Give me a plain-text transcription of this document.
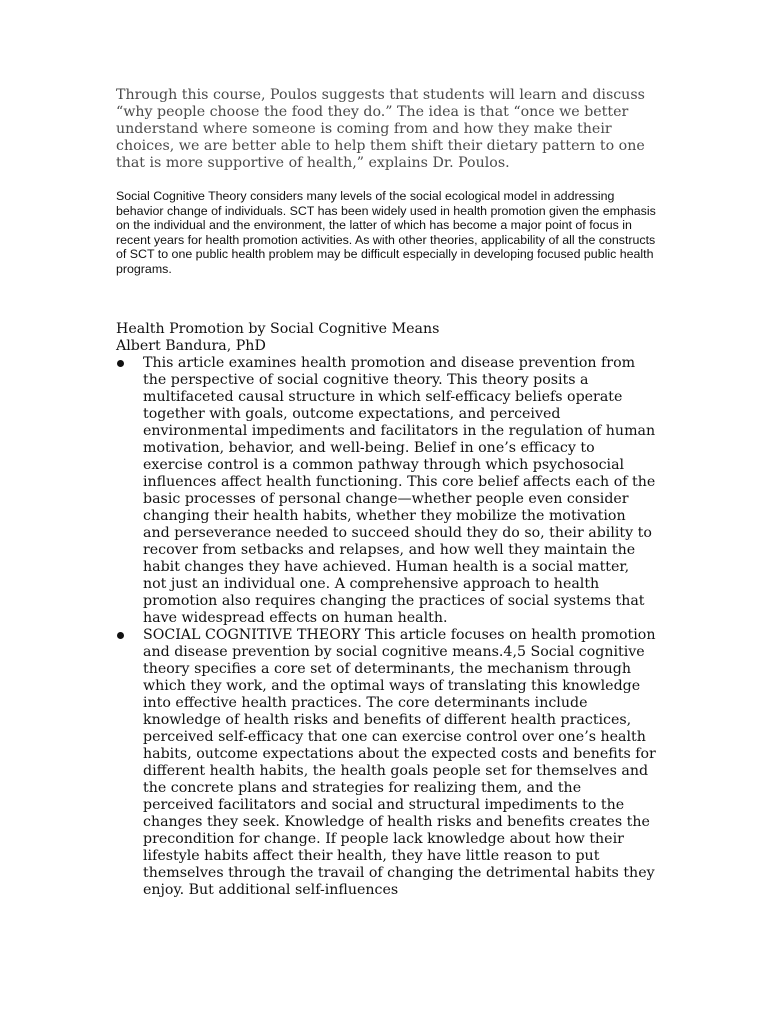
Through this course, Poulos suggests that students will learn and discuss “why people choose the food they do.” The idea is that “once we better understand where someone is coming from and how they make their choices, we are better able to help them shift their dietary pattern to one that is more supportive of health,” explains Dr. Poulos.

Social Cognitive Theory considers many levels of the social ecological model in addressing behavior change of individuals. SCT has been widely used in health promotion given the emphasis on the individual and the environment, the latter of which has become a major point of focus in recent years for health promotion activities. As with other theories, applicability of all the constructs of SCT to one public health problem may be difficult especially in developing focused public health programs.

Health Promotion by Social Cognitive Means

Albert Bandura, PhD

This article examines health promotion and disease prevention from the perspective of social cognitive theory. This theory posits a multifaceted causal structure in which self-efficacy beliefs operate together with goals, outcome expectations, and perceived environmental impediments and facilitators in the regulation of human motivation, behavior, and well-being. Belief in one’s efficacy to exercise control is a common pathway through which psychosocial influences affect health functioning. This core belief affects each of the basic processes of personal change—whether people even consider changing their health habits, whether they mobilize the motivation and perseverance needed to succeed should they do so, their ability to recover from setbacks and relapses, and how well they maintain the habit changes they have achieved. Human health is a social matter, not just an individual one. A comprehensive approach to health promotion also requires changing the practices of social systems that have widespread effects on human health.
SOCIAL COGNITIVE THEORY This article focuses on health promotion and disease prevention by social cognitive means.4,5 Social cognitive theory specifies a core set of determinants, the mechanism through which they work, and the optimal ways of translating this knowledge into effective health practices. The core determinants include knowledge of health risks and benefits of different health practices, perceived self-efficacy that one can exercise control over one’s health habits, outcome expectations about the expected costs and benefits for different health habits, the health goals people set for themselves and the concrete plans and strategies for realizing them, and the perceived facilitators and social and structural impediments to the changes they seek. Knowledge of health risks and benefits creates the precondition for change. If people lack knowledge about how their lifestyle habits affect their health, they have little reason to put themselves through the travail of changing the detrimental habits they enjoy. But additional self-influences
